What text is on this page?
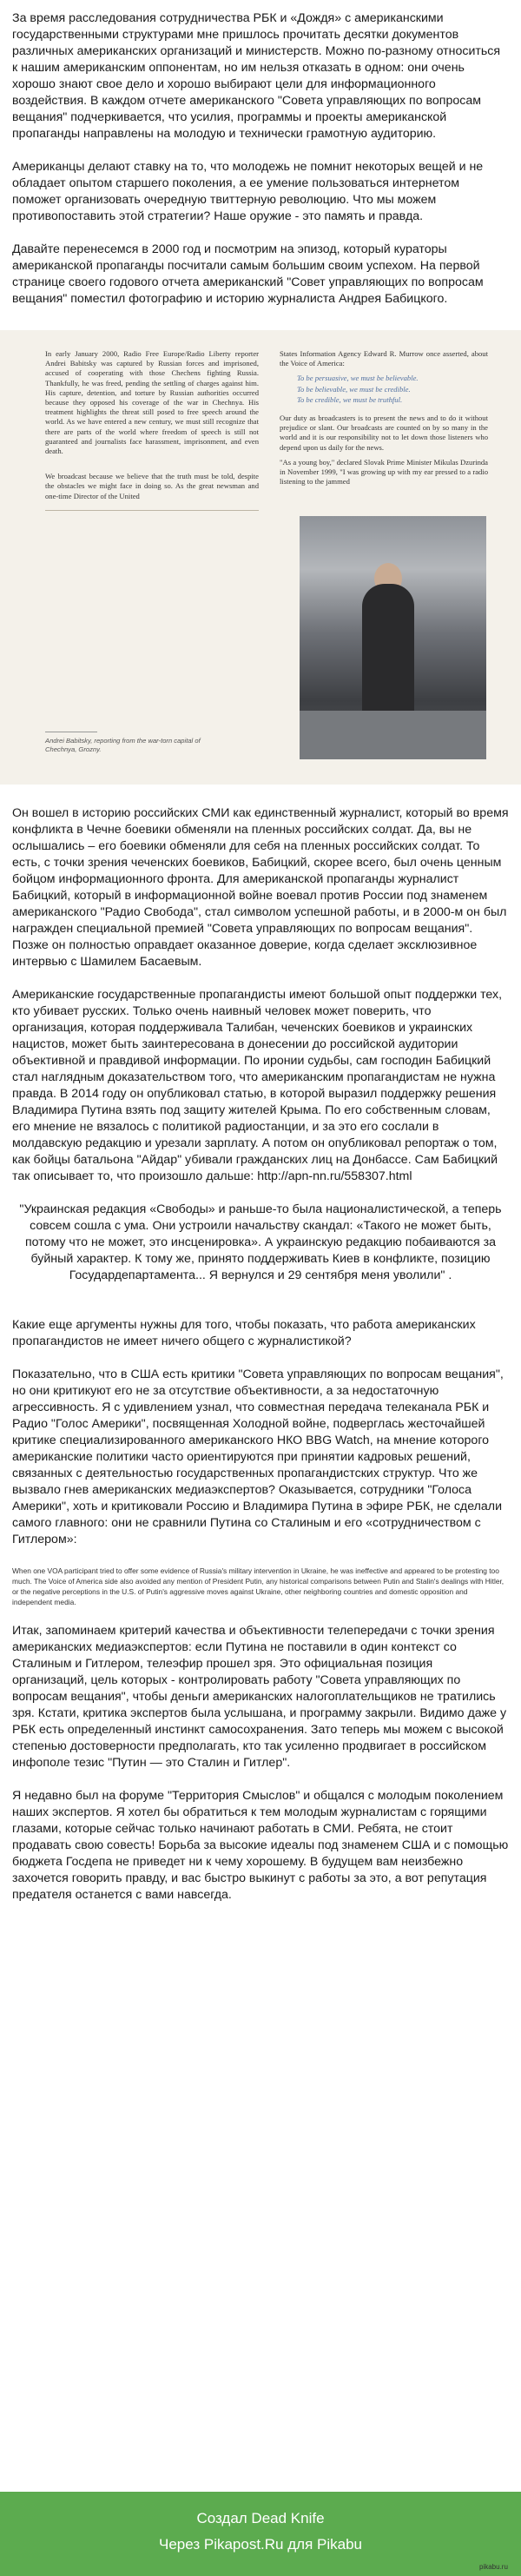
За время расследования сотрудничества РБК и «Дождя» с американскими государственными структурами мне пришлось прочитать десятки документов различных американских организаций и министерств. Можно по-разному относиться к нашим американским оппонентам, но им нельзя отказать в одном: они очень хорошо знают свое дело и хорошо выбирают цели для информационного воздействия. В каждом отчете американского "Совета управляющих по вопросам вещания" подчеркивается, что усилия, программы и проекты американской пропаганды направлены на молодую и технически грамотную аудиторию.

Американцы делают ставку на то, что молодежь не помнит некоторых вещей и не обладает опытом старшего поколения, а ее умение пользоваться интернетом поможет организовать очередную твиттерную революцию. Что мы можем противопоставить этой стратегии? Наше оружие - это память и правда.

Давайте перенесемся в 2000 год и посмотрим на эпизод, который кураторы американской пропаганды посчитали самым большим своим успехом. На первой странице своего годового отчета американский "Совет управляющих по вопросам вещания" поместил фотографию и историю журналиста Андрея Бабицкого.

In early January 2000, Radio Free Europe/Radio Liberty reporter Andrei Babitsky was captured by Russian forces and imprisoned, accused of cooperating with those Chechens fighting Russia. Thankfully, he was freed, pending the settling of charges against him. His capture, detention, and torture by Russian authorities occurred because they opposed his coverage of the war in Chechnya. His treatment highlights the threat still posed to free speech around the world. As we have entered a new century, we must still recognize that there are parts of the world where freedom of speech is still not guaranteed and journalists face harassment, imprisonment, and even death.

We broadcast because we believe that the truth must be told, despite the obstacles we might face in doing so. As the great newsman and one-time Director of the United

States Information Agency Edward R. Murrow once asserted, about the Voice of America:

To be persuasive, we must be believable.
To be believable, we must be credible.
To be credible, we must be truthful.

Our duty as broadcasters is to present the news and to do it without prejudice or slant. Our broadcasts are counted on by so many in the world and it is our responsibility not to let down those listeners who depend upon us daily for the news.

"As a young boy," declared Slovak Prime Minister Mikulas Dzurinda in November 1999, "I was growing up with my ear pressed to a radio listening to the jammed

Andrei Babitsky, reporting from the war-torn capital of Chechnya, Grozny.

Он вошел в историю российских СМИ как единственный журналист, который во время конфликта в Чечне боевики обменяли на пленных российских солдат. Да, вы не ослышались – его боевики обменяли для себя на пленных российских солдат. То есть, с точки зрения чеченских боевиков, Бабицкий, скорее всего, был очень ценным бойцом информационного фронта. Для американской пропаганды журналист Бабицкий, который в информационной войне воевал против России под знаменем американского "Радио Свобода", стал символом успешной работы, и в 2000-м он был награжден специальной премией "Совета управляющих по вопросам вещания". Позже он полностью оправдает оказанное доверие, когда сделает эксклюзивное интервью с Шамилем Басаевым.

Американские государственные пропагандисты имеют большой опыт поддержки тех, кто убивает русских. Только очень наивный человек может поверить, что организация, которая поддерживала Талибан, чеченских боевиков и украинских нацистов, может быть заинтересована в донесении до российской аудитории объективной и правдивой информации. По иронии судьбы, сам господин Бабицкий стал наглядным доказательством того, что американским пропагандистам не нужна правда. В 2014 году он опубликовал статью, в которой выразил поддержку решения Владимира Путина взять под защиту жителей Крыма. По его собственным словам, его мнение не вязалось с политикой радиостанции, и за это его сослали в молдавскую редакцию и урезали зарплату. А потом он опубликовал репортаж о том, как бойцы батальона "Айдар" убивали гражданских лиц на Донбассе. Сам Бабицкий так описывает то, что произошло дальше: http://apn-nn.ru/558307.html

"Украинская редакция «Свободы» и раньше-то была националистической, а теперь совсем сошла с ума. Они устроили начальству скандал: «Такого не может быть, потому что не может, это инсценировка». А украинскую редакцию побаиваются за буйный характер. К тому же, принято поддерживать Киев в конфликте, позицию Государдепартамента... Я вернулся и 29 сентября меня уволили" .

Какие еще аргументы нужны для того, чтобы показать, что работа американских пропагандистов не имеет ничего общего с журналистикой?

Показательно, что в США есть критики "Совета управляющих по вопросам вещания", но они критикуют его не за отсутствие объективности, а за недостаточную агрессивность. Я с удивлением узнал, что совместная передача телеканала РБК и Радио "Голос Америки", посвященная Холодной войне, подверглась жесточайшей критике специализированного американского НКО BBG Watch, на мнение которого американские политики часто ориентируются при принятии кадровых решений, связанных с деятельностью государственных пропагандистских структур. Что же вызвало гнев американских медиаэкспертов? Оказывается, сотрудники "Голоса Америки", хоть и критиковали Россию и Владимира Путина в эфире РБК, не сделали самого главного: они не сравнили Путина со Сталиным и его «сотрудничеством с Гитлером»:

When one VOA participant tried to offer some evidence of Russia's military intervention in Ukraine, he was ineffective and appeared to be protesting too much. The Voice of America side also avoided any mention of President Putin, any historical comparisons between Putin and Stalin's dealings with Hitler, or the negative perceptions in the U.S. of Putin's aggressive moves against Ukraine, other neighboring countries and domestic opposition and independent media.

Итак, запоминаем критерий качества и объективности телепередачи с точки зрения американских медиаэкспертов: если Путина не поставили в один контекст со Сталиным и Гитлером, телеэфир прошел зря. Это официальная позиция организаций, цель которых - контролировать работу "Совета управляющих по вопросам вещания", чтобы деньги американских налогоплательщиков не тратились зря. Кстати, критика экспертов была услышана, и программу закрыли. Видимо даже у РБК есть определенный инстинкт самосохранения. Зато теперь мы можем с высокой степенью достоверности предполагать, кто так усиленно продвигает в российском инфополе тезис "Путин — это Сталин и Гитлер".

Я недавно был на форуме "Территория Смыслов" и общался с молодым поколением наших экспертов. Я хотел бы обратиться к тем молодым журналистам с горящими глазами, которые сейчас только начинают работать в СМИ. Ребята, не стоит продавать свою совесть! Борьба за высокие идеалы под знаменем США и с помощью бюджета Госдепа не приведет ни к чему хорошему. В будущем вам неизбежно захочется говорить правду, и вас быстро выкинут с работы за это, а вот репутация предателя останется с вами навсегда.

Создал Dead Knife
Через Pikapost.Ru для Pikabu
pikabu.ru
